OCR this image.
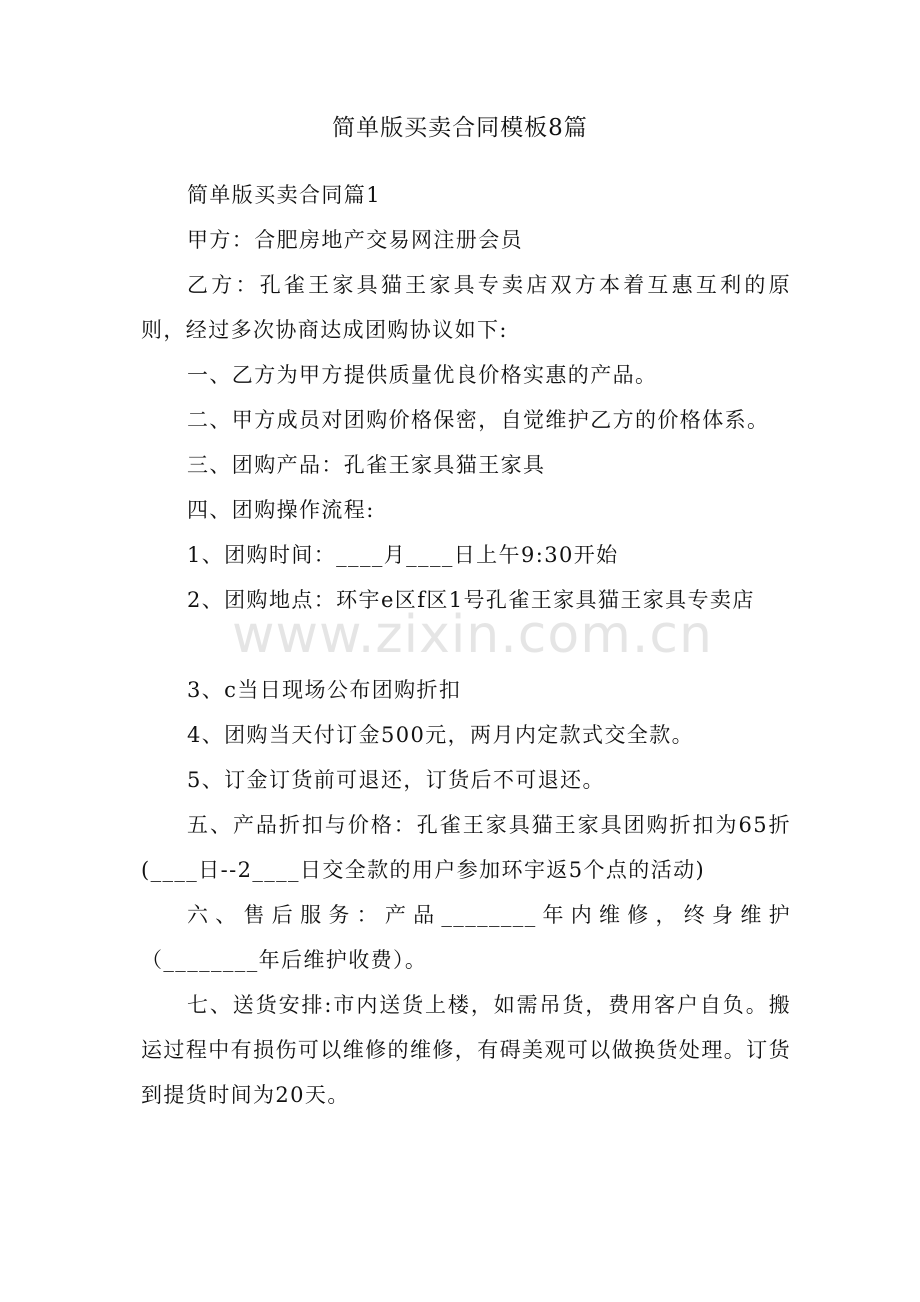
简单版买卖合同模板8篇

简单版买卖合同篇1

甲方：合肥房地产交易网注册会员

乙方：孔雀王家具猫王家具专卖店双方本着互惠互利的原则，经过多次协商达成团购协议如下:

一、乙方为甲方提供质量优良价格实惠的产品。

二、甲方成员对团购价格保密，自觉维护乙方的价格体系。

三、团购产品：孔雀王家具猫王家具

四、团购操作流程:

1、团购时间：____月____日上午9:30开始

2、团购地点：环宇e区f区1号孔雀王家具猫王家具专卖店

3、c当日现场公布团购折扣

4、团购当天付订金500元，两月内定款式交全款。

5、订金订货前可退还，订货后不可退还。

五、产品折扣与价格：孔雀王家具猫王家具团购折扣为65折(____日--2____日交全款的用户参加环宇返5个点的活动)

六、售后服务：产品________年内维修，终身维护（________年后维护收费）。

七、送货安排:市内送货上楼，如需吊货，费用客户自负。搬运过程中有损伤可以维修的维修，有碍美观可以做换货处理。订货到提货时间为20天。

www.zixin.com.cn
